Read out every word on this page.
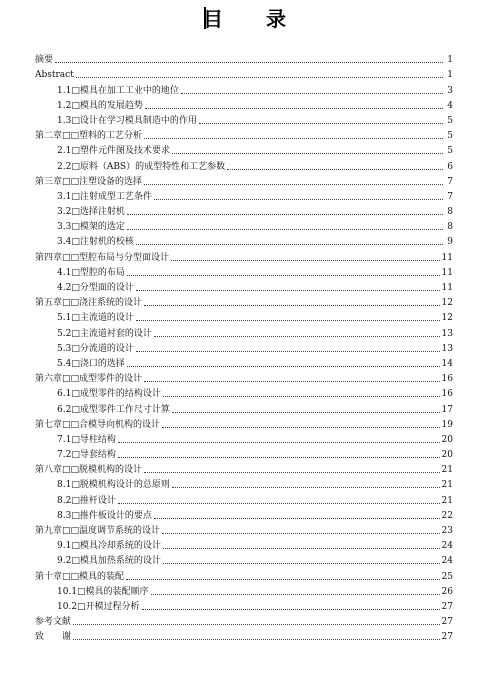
目 录
摘要	1
Abstract	1
1.1□模具在加工工业中的地位	3
1.2□模具的发展趋势	4
1.3□设计在学习模具制造中的作用	5
第二章□□塑料的工艺分析	5
2.1□塑件元件图及技术要求	5
2.2□原料（ABS）的成型特性和工艺参数	6
第三章□□注塑设备的选择	7
3.1□注射成型工艺条件	7
3.2□选择注射机	8
3.3□模架的选定	8
3.4□注射机的校核	9
第四章□□型腔布局与分型面设计	11
4.1□型腔的布局	11
4.2□分型面的设计	11
第五章□□浇注系统的设计	12
5.1□主流道的设计	12
5.2□主流道衬套的设计	13
5.3□分流道的设计	13
5.4□浇口的选择	14
第六章□□成型零件的设计	16
6.1□成型零件的结构设计	16
6.2□成型零件工作尺寸计算	17
第七章□□合模导向机构的设计	19
7.1□导柱结构	20
7.2□导套结构	20
第八章□□脱模机构的设计	21
8.1□脱模机构设计的总原则	21
8.2□推杆设计	21
8.3□推件板设计的要点	22
第九章□□温度调节系统的设计	23
9.1□模具冷却系统的设计	24
9.2□模具加热系统的设计	24
第十章□□模具的装配	25
10.1□模具的装配顺序	26
10.2□开模过程分析	27
参考文献	27
致　　谢	27
